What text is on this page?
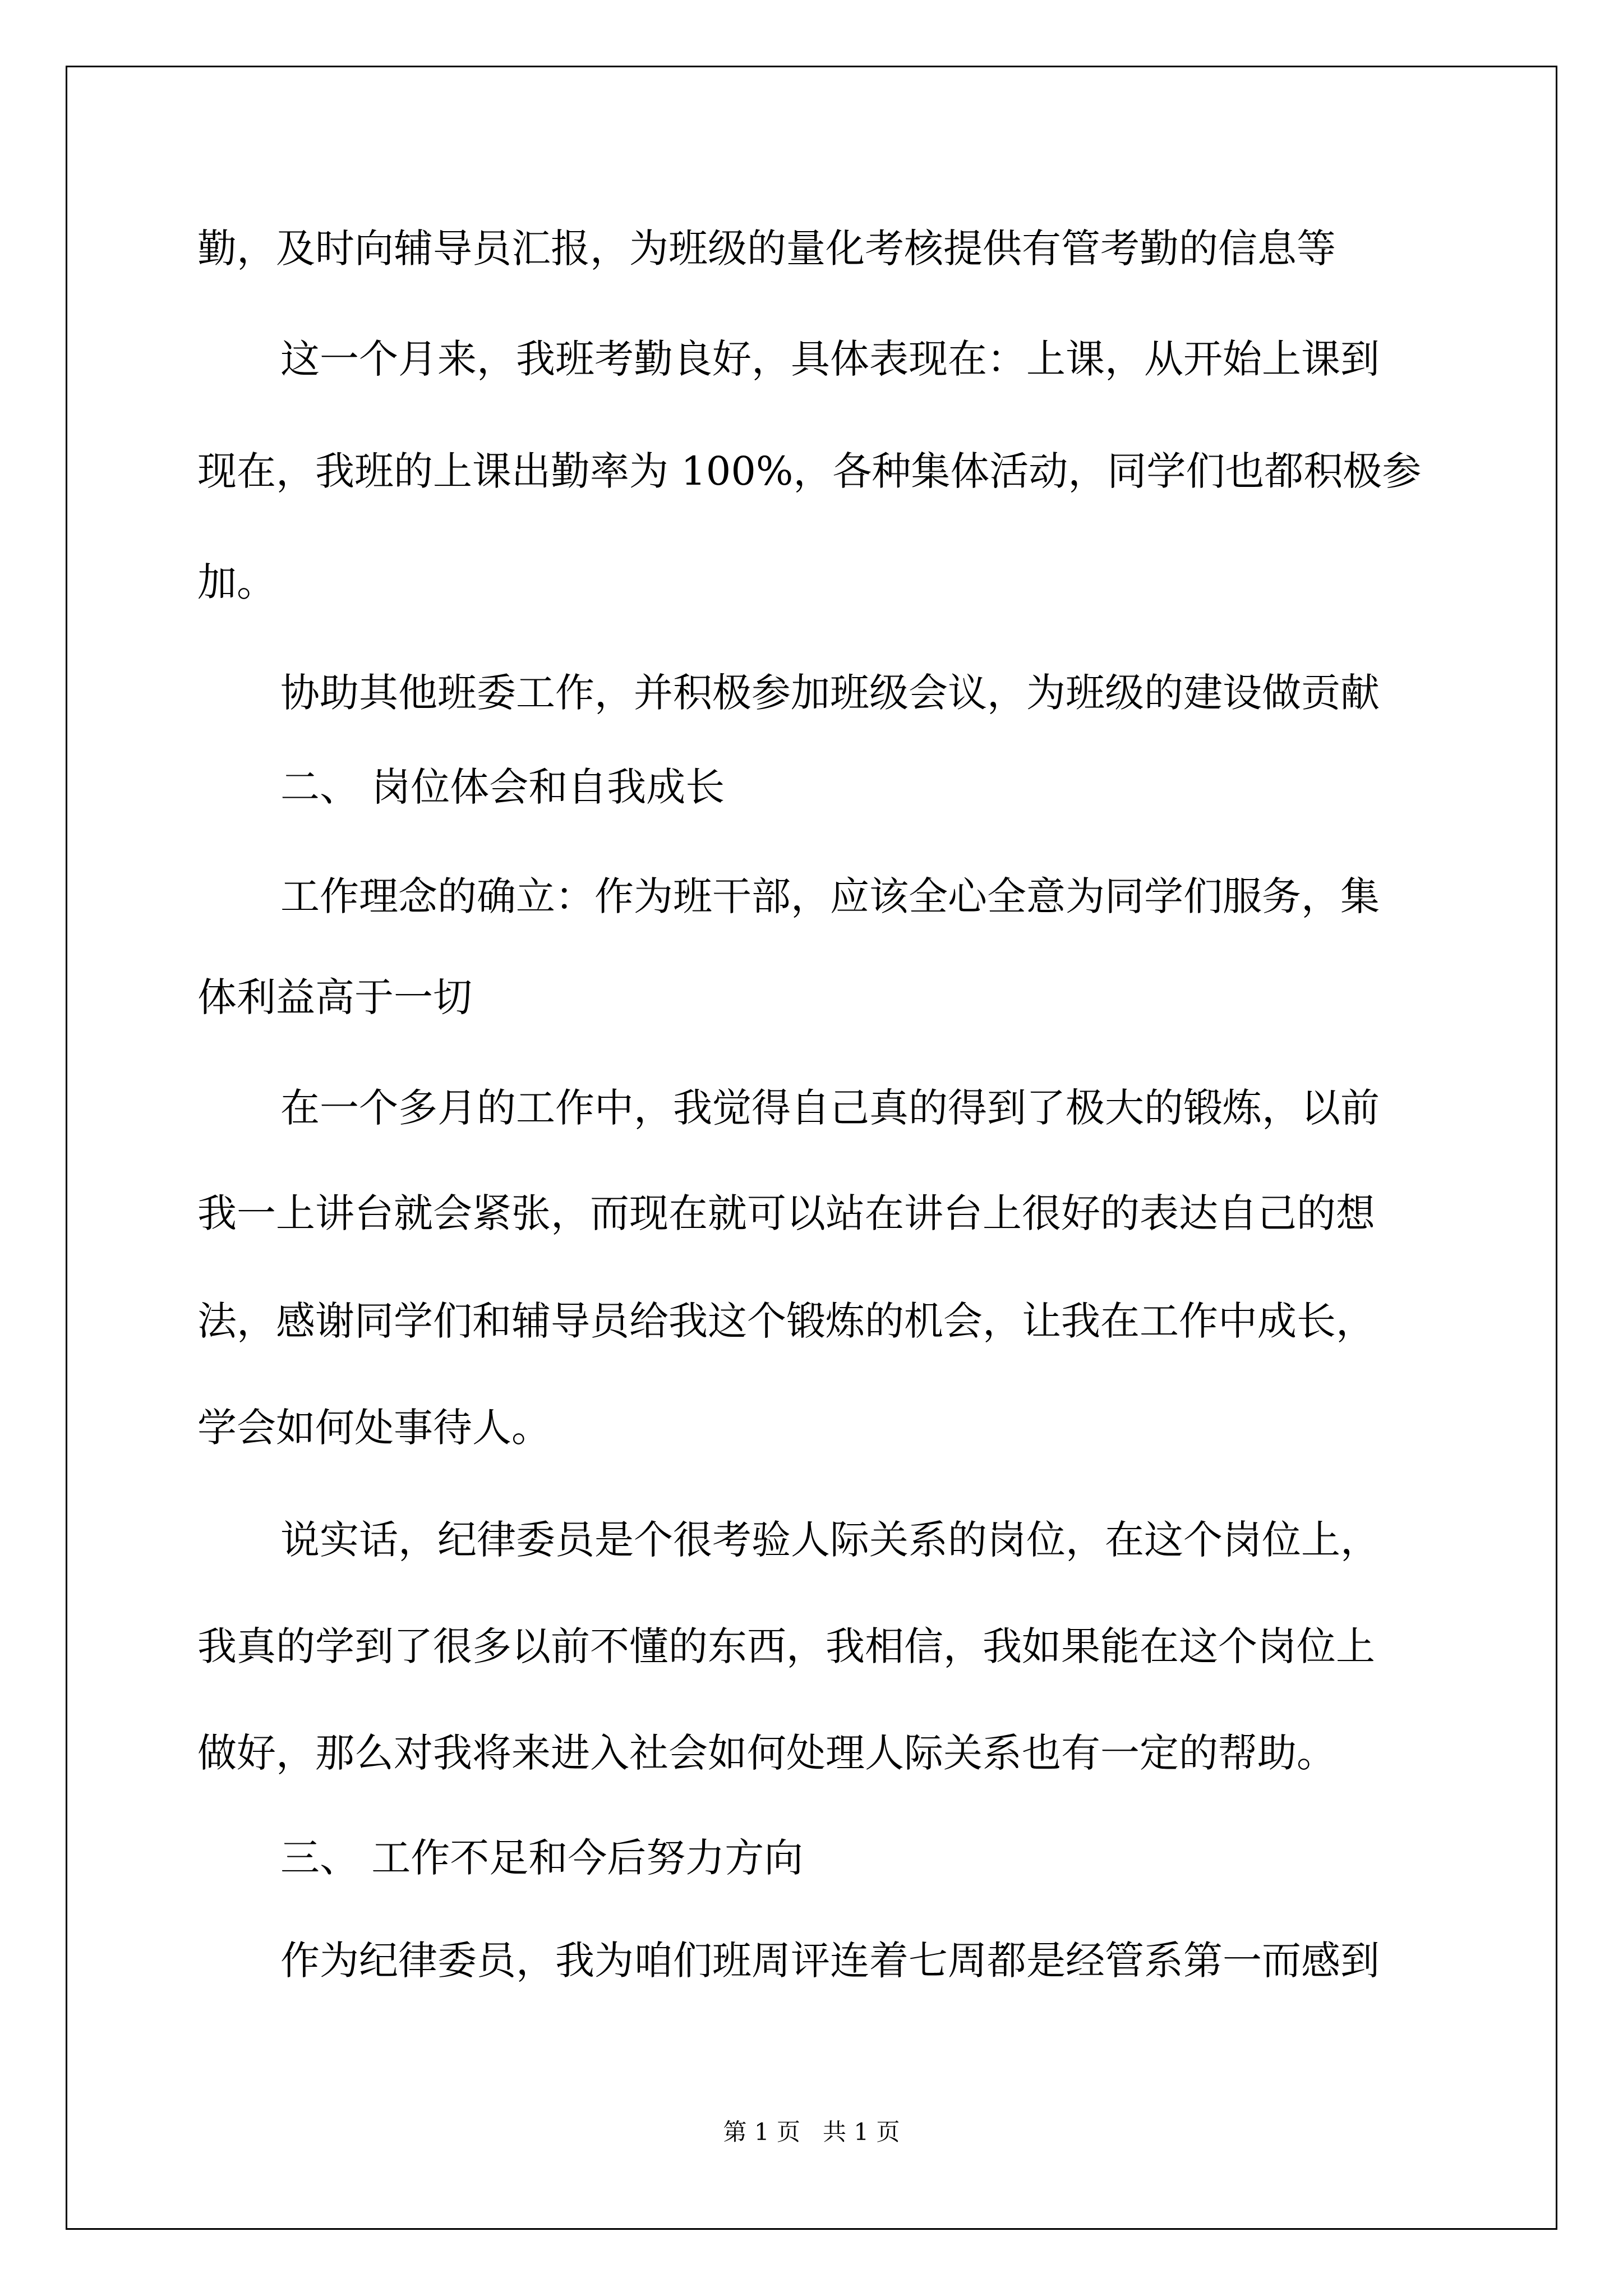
勤，及时向辅导员汇报，为班级的量化考核提供有管考勤的信息等
这一个月来，我班考勤良好，具体表现在：上课，从开始上课到
现在，我班的上课出勤率为 100%，各种集体活动，同学们也都积极参
加。
协助其他班委工作，并积极参加班级会议，为班级的建设做贡献
二、 岗位体会和自我成长
工作理念的确立：作为班干部，应该全心全意为同学们服务，集
体利益高于一切
在一个多月的工作中，我觉得自己真的得到了极大的锻炼，以前
我一上讲台就会紧张，而现在就可以站在讲台上很好的表达自己的想
法，感谢同学们和辅导员给我这个锻炼的机会，让我在工作中成长，
学会如何处事待人。
说实话，纪律委员是个很考验人际关系的岗位，在这个岗位上，
我真的学到了很多以前不懂的东西，我相信，我如果能在这个岗位上
做好，那么对我将来进入社会如何处理人际关系也有一定的帮助。
三、 工作不足和今后努力方向
作为纪律委员，我为咱们班周评连着七周都是经管系第一而感到
第 1 页   共 1 页
